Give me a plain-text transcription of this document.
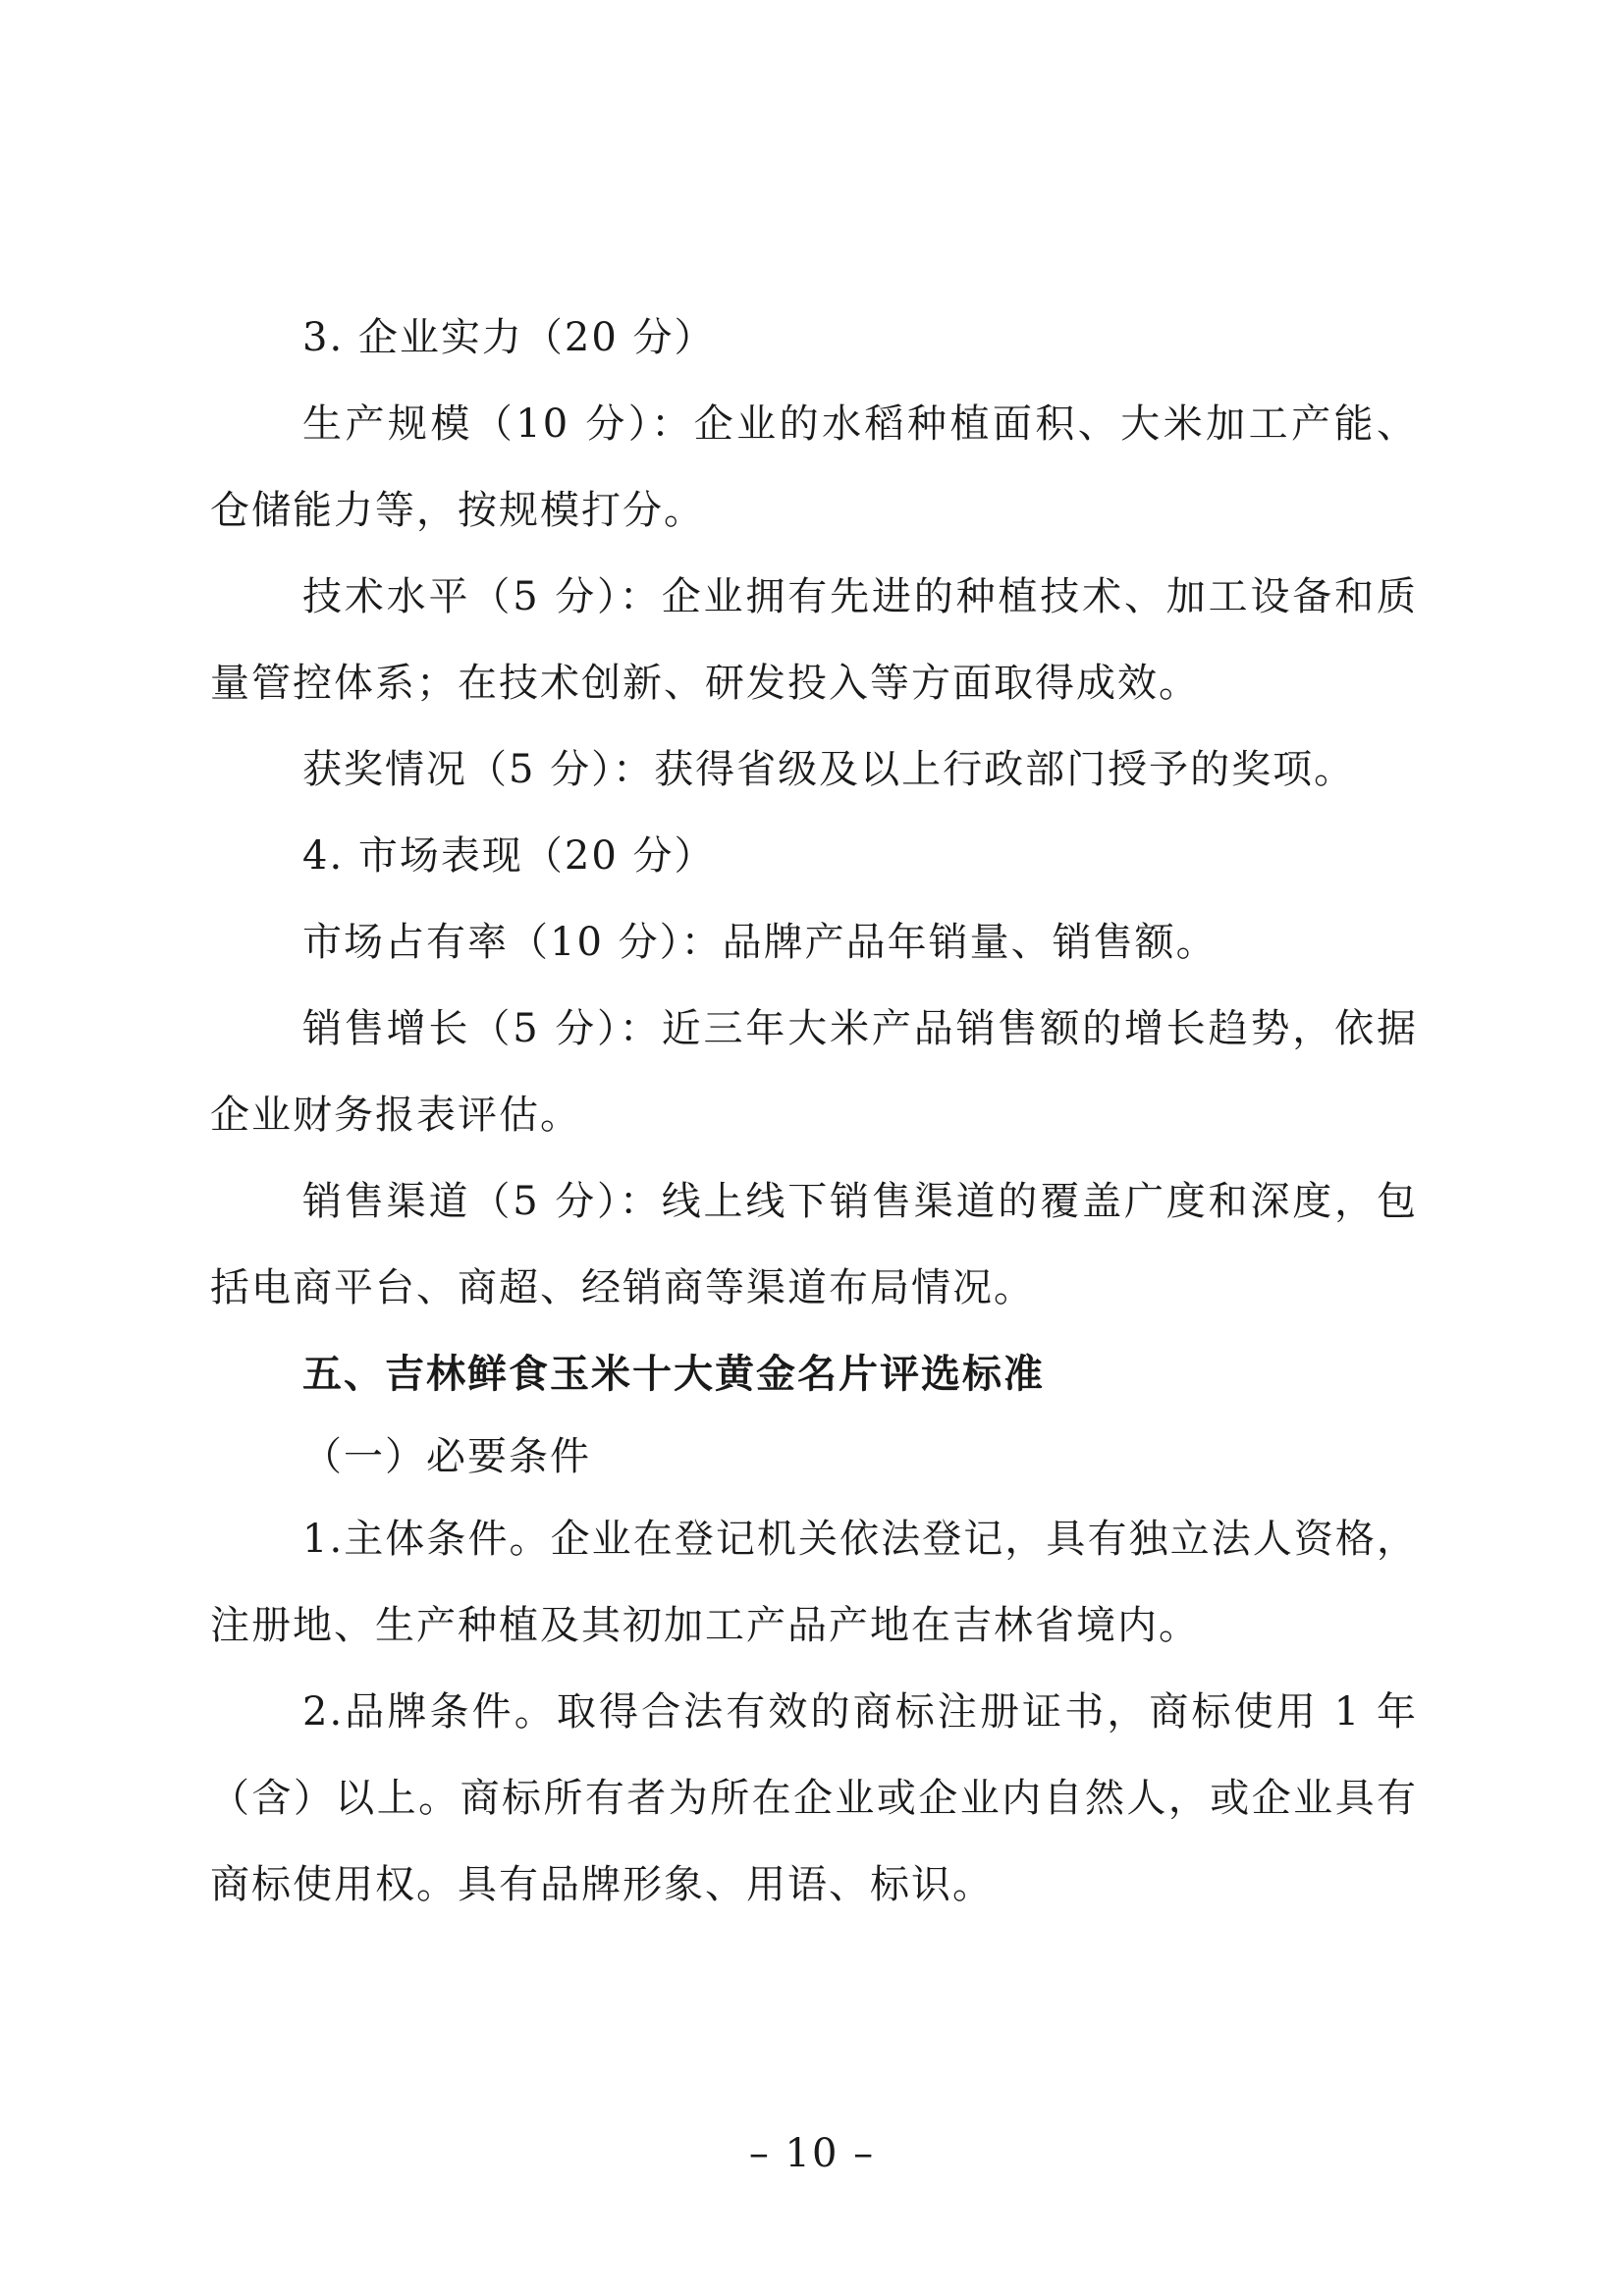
3. 企业实力（20 分）

生产规模（10 分）：企业的水稻种植面积、大米加工产能、仓储能力等，按规模打分。

技术水平（5 分）：企业拥有先进的种植技术、加工设备和质量管控体系；在技术创新、研发投入等方面取得成效。

获奖情况（5 分）：获得省级及以上行政部门授予的奖项。

4. 市场表现（20 分）

市场占有率（10 分）：品牌产品年销量、销售额。

销售增长（5 分）：近三年大米产品销售额的增长趋势，依据企业财务报表评估。

销售渠道（5 分）：线上线下销售渠道的覆盖广度和深度，包括电商平台、商超、经销商等渠道布局情况。

五、吉林鲜食玉米十大黄金名片评选标准

（一）必要条件

1.主体条件。企业在登记机关依法登记，具有独立法人资格，注册地、生产种植及其初加工产品产地在吉林省境内。

2.品牌条件。取得合法有效的商标注册证书，商标使用 1 年（含）以上。商标所有者为所在企业或企业内自然人，或企业具有商标使用权。具有品牌形象、用语、标识。

– 10 –
